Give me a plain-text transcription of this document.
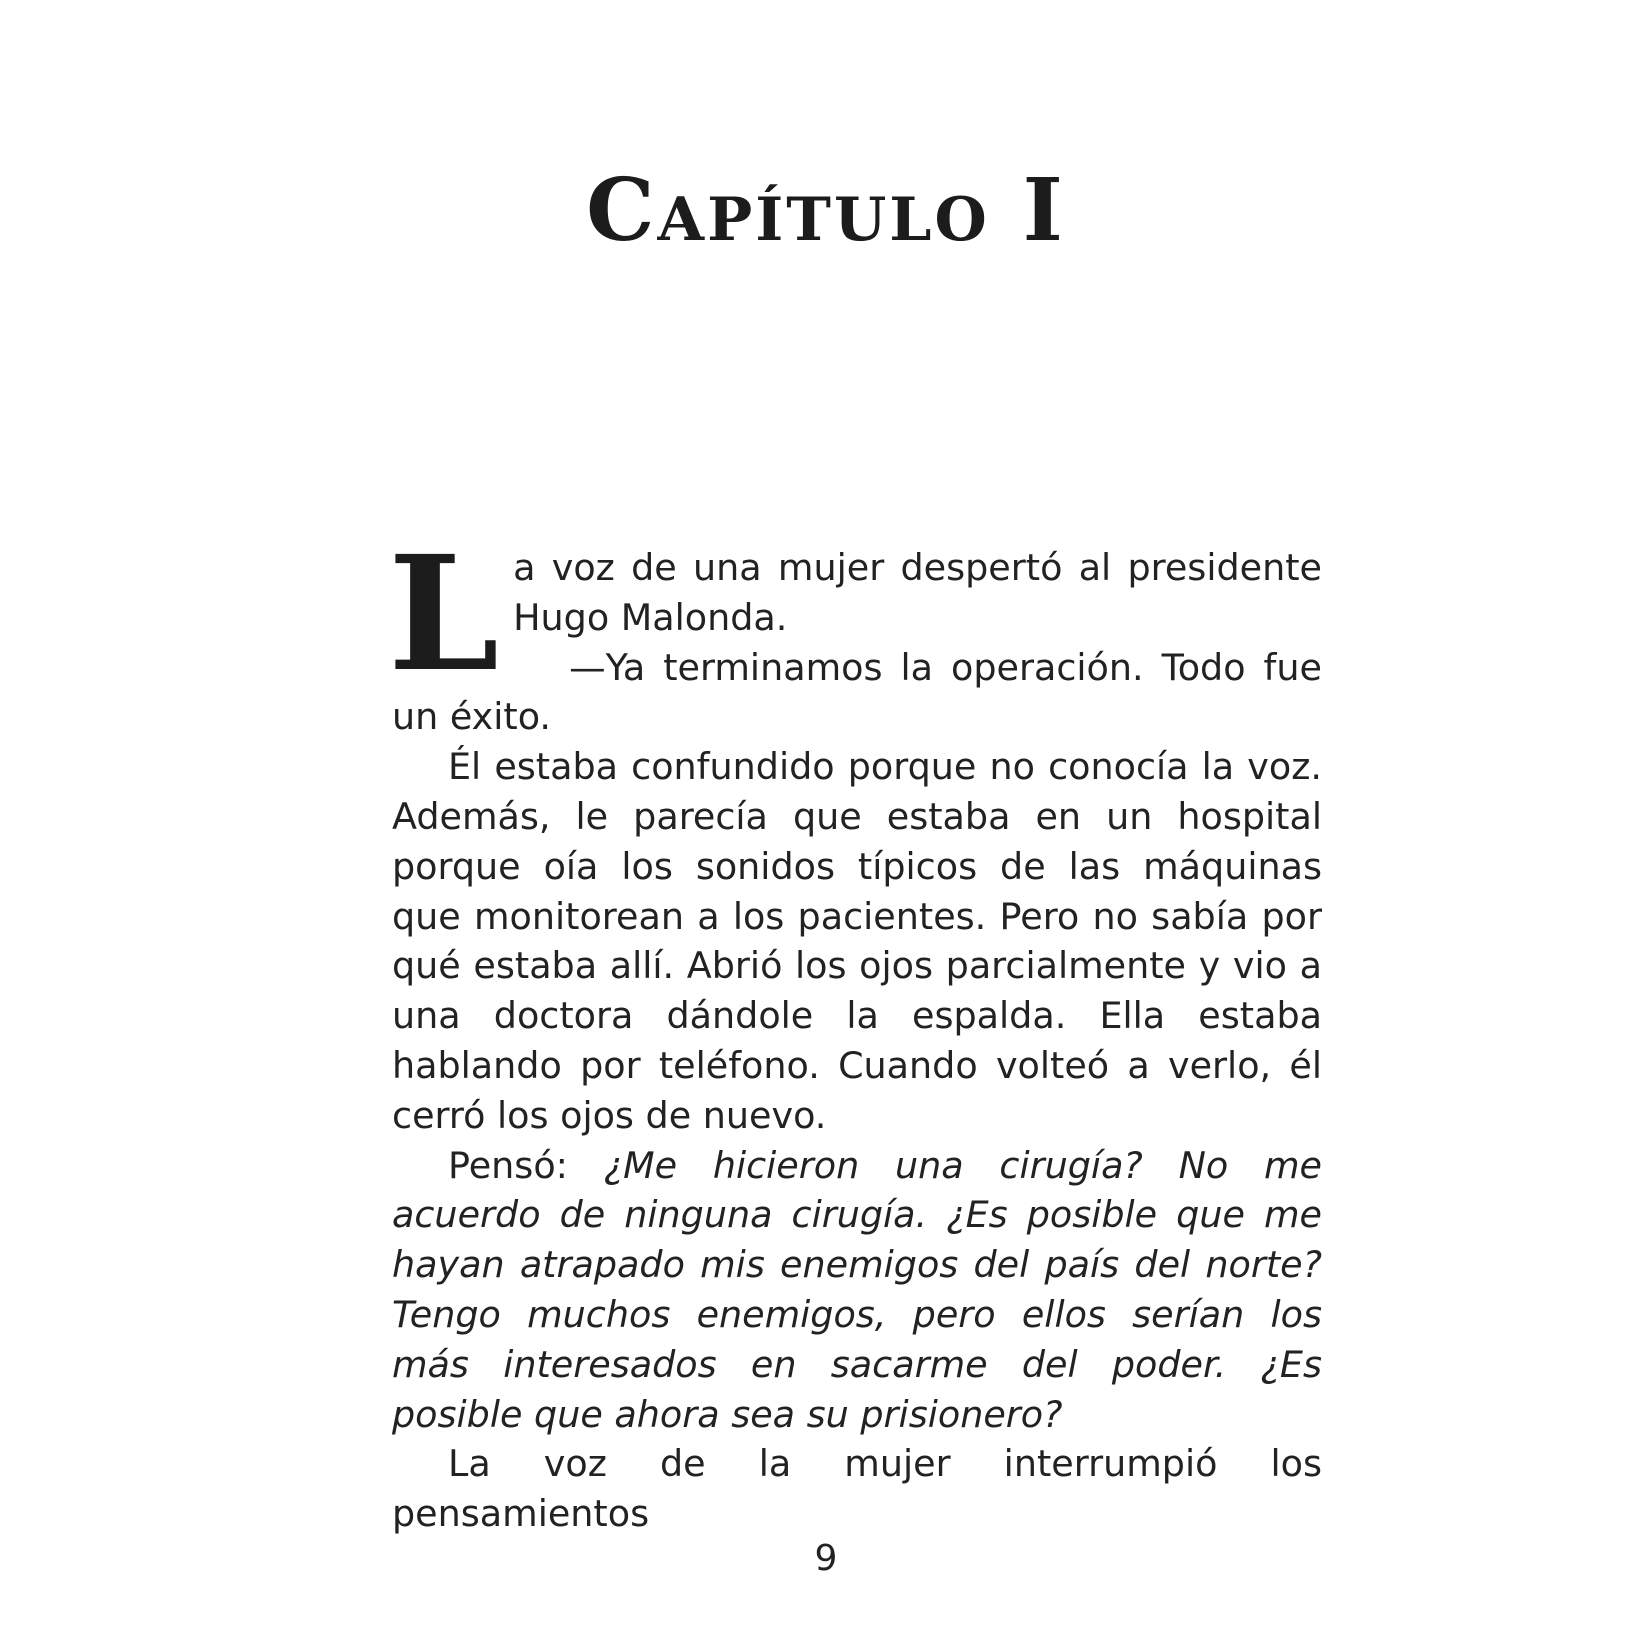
Capítulo I

La voz de una mujer despertó al presidente Hugo Malonda.
—Ya terminamos la operación. Todo fue un éxito.

Él estaba confundido porque no conocía la voz. Además, le parecía que estaba en un hospital porque oía los sonidos típicos de las máquinas que monitorean a los pacientes. Pero no sabía por qué estaba allí. Abrió los ojos parcialmente y vio a una doctora dándole la espalda. Ella estaba hablando por teléfono. Cuando volteó a verlo, él cerró los ojos de nuevo.

Pensó: ¿Me hicieron una cirugía? No me acuerdo de ninguna cirugía. ¿Es posible que me hayan atrapado mis enemigos del país del norte? Tengo muchos enemigos, pero ellos serían los más interesados en sacarme del poder. ¿Es posible que ahora sea su prisionero?

La voz de la mujer interrumpió los pensamientos

9
